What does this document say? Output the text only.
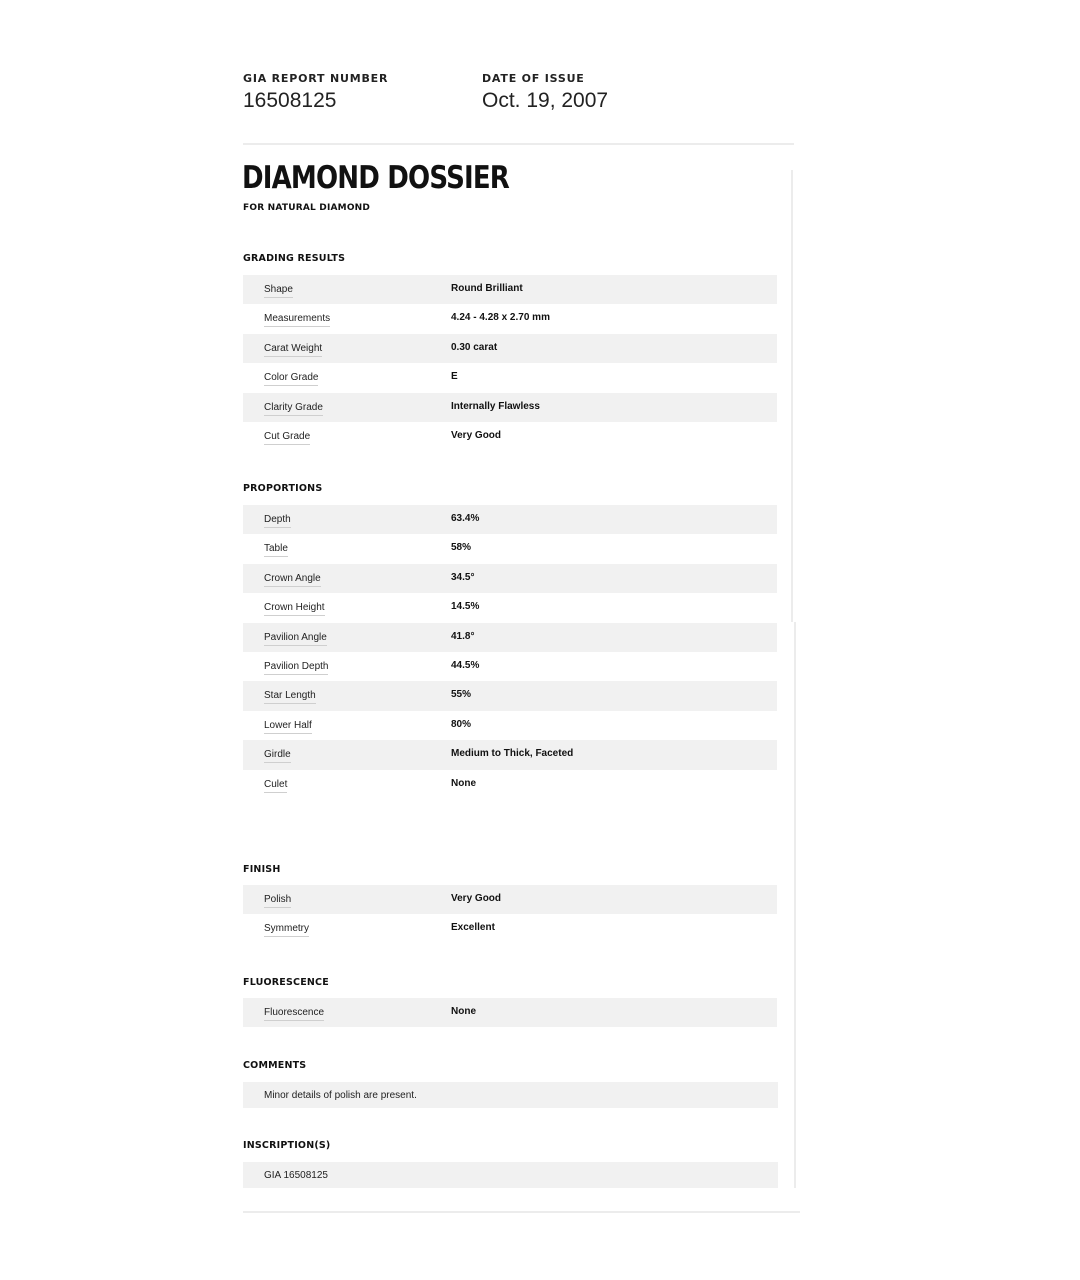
GIA REPORT NUMBER
16508125
DATE OF ISSUE
Oct. 19, 2007
DIAMOND DOSSIER
FOR NATURAL DIAMOND
GRADING RESULTS
Shape	Round Brilliant
Measurements	4.24 - 4.28 x 2.70 mm
Carat Weight	0.30 carat
Color Grade	E
Clarity Grade	Internally Flawless
Cut Grade	Very Good
PROPORTIONS
Depth	63.4%
Table	58%
Crown Angle	34.5°
Crown Height	14.5%
Pavilion Angle	41.8°
Pavilion Depth	44.5%
Star Length	55%
Lower Half	80%
Girdle	Medium to Thick, Faceted
Culet	None
FINISH
Polish	Very Good
Symmetry	Excellent
FLUORESCENCE
Fluorescence	None
COMMENTS
Minor details of polish are present.
INSCRIPTION(S)
GIA 16508125
